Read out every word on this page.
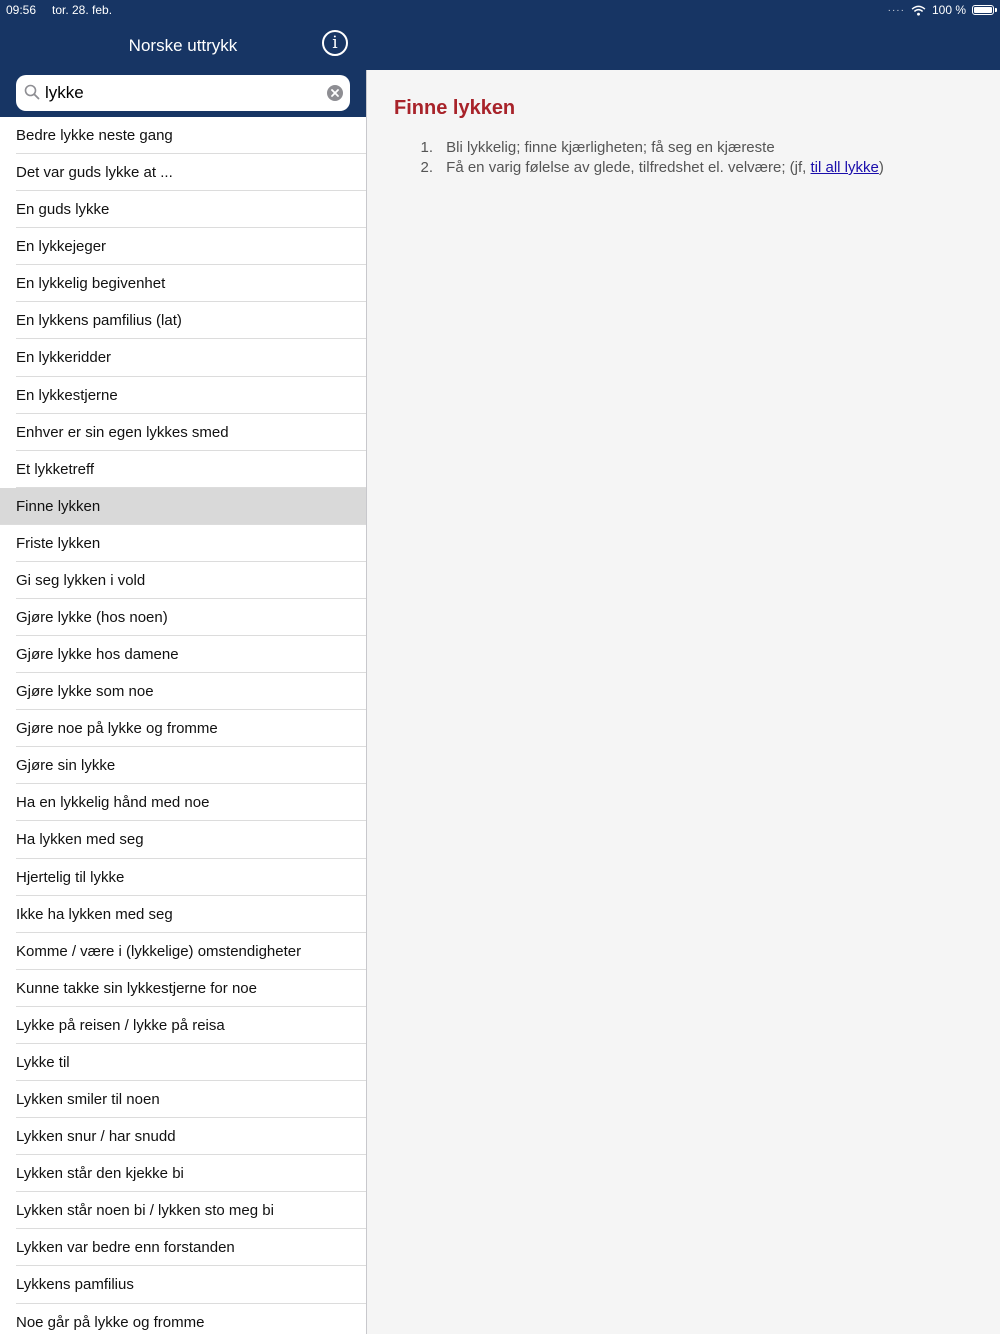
Norske uttrykk	i
lykke
09:56 tor. 28. feb.	···· 100 %
Bedre lykke neste gang
Det var guds lykke at ...
En guds lykke
En lykkejeger
En lykkelig begivenhet
En lykkens pamfilius (lat)
En lykkeridder
En lykkestjerne
Enhver er sin egen lykkes smed
Et lykketreff
Finne lykken
Friste lykken
Gi seg lykken i vold
Gjøre lykke (hos noen)
Gjøre lykke hos damene
Gjøre lykke som noe
Gjøre noe på lykke og fromme
Gjøre sin lykke
Ha en lykkelig hånd med noe
Ha lykken med seg
Hjertelig til lykke
Ikke ha lykken med seg
Komme / være i (lykkelige) omstendigheter
Kunne takke sin lykkestjerne for noe
Lykke på reisen / lykke på reisa
Lykke til
Lykken smiler til noen
Lykken snur / har snudd
Lykken står den kjekke bi
Lykken står noen bi / lykken sto meg bi
Lykken var bedre enn forstanden
Lykkens pamfilius
Noe går på lykke og fromme
Finne lykken
1. Bli lykkelig; finne kjærligheten; få seg en kjæreste
2. Få en varig følelse av glede, tilfredshet el. velvære; (jf, til all lykke)
